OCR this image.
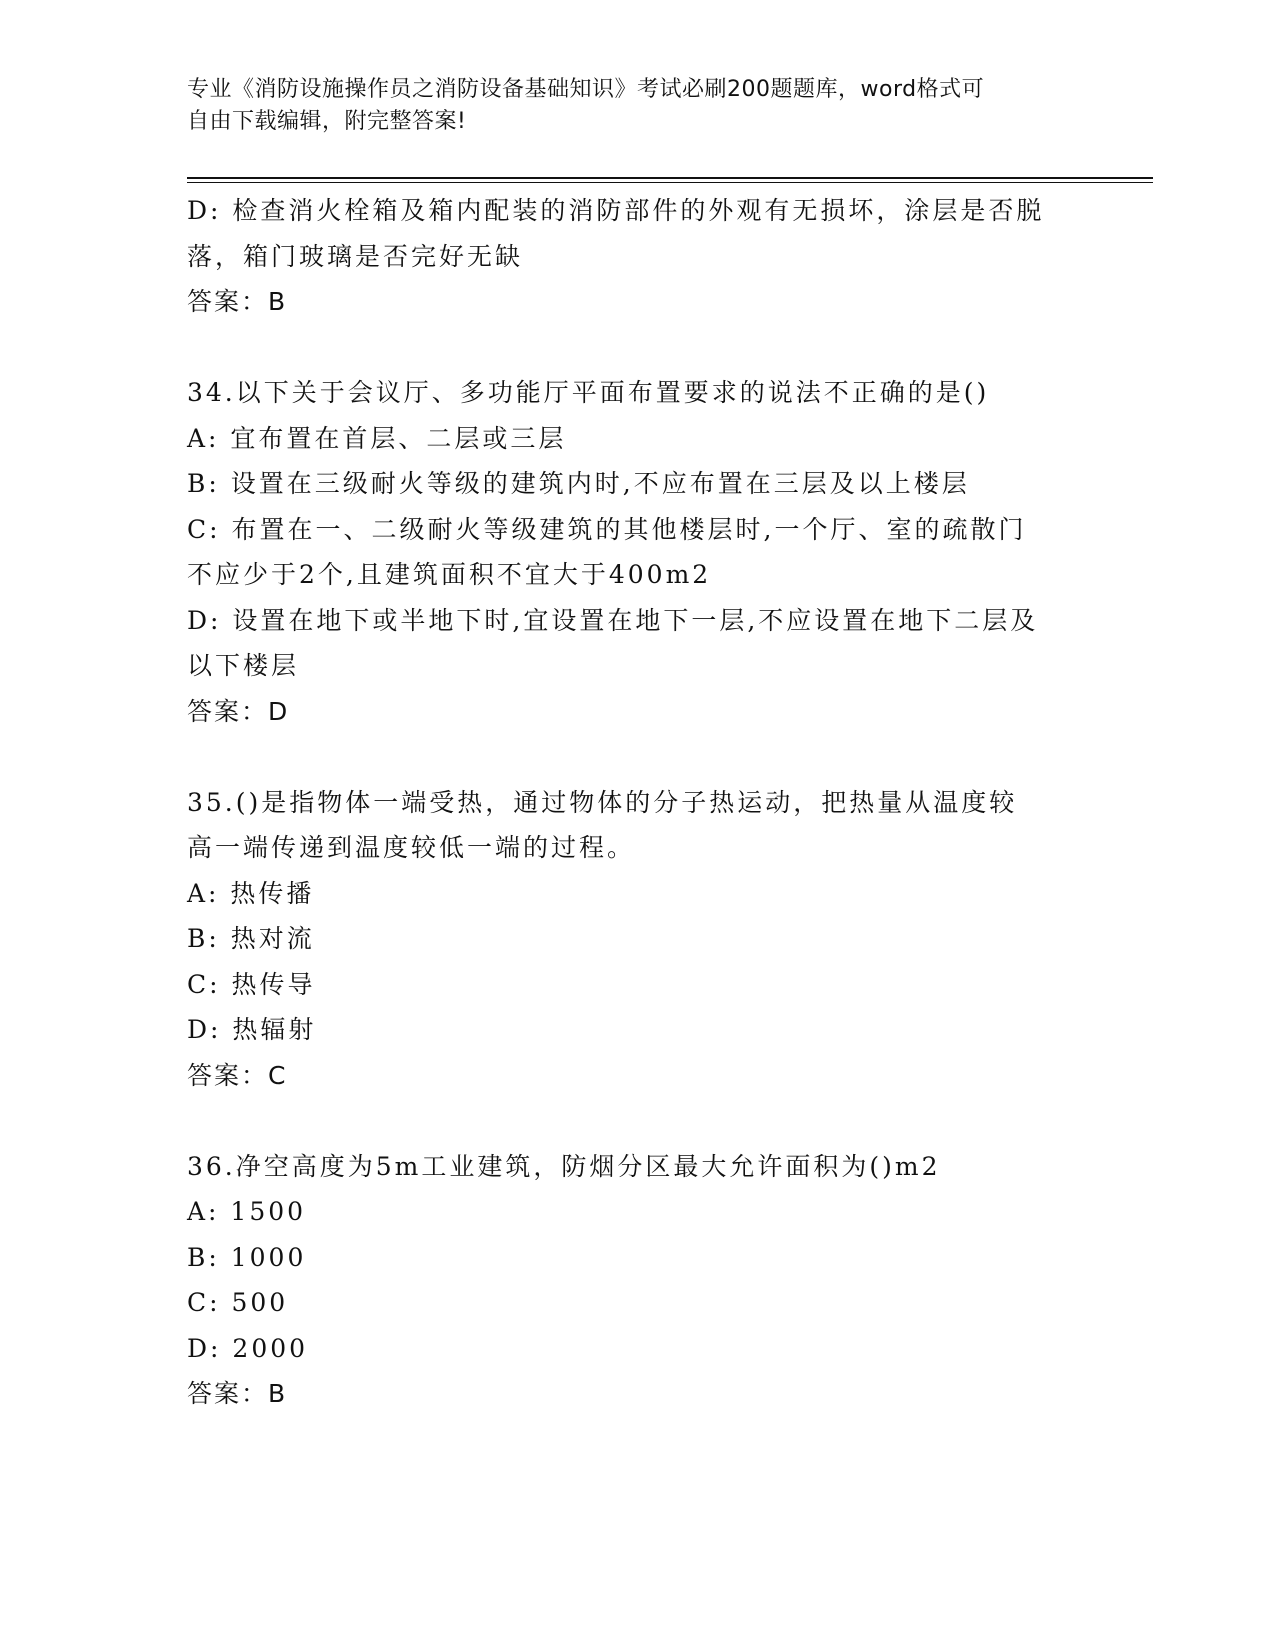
专业《消防设施操作员之消防设备基础知识》考试必刷200题题库，word格式可
自由下载编辑，附完整答案!
D: 检查消火栓箱及箱内配装的消防部件的外观有无损坏，涂层是否脱
落，箱门玻璃是否完好无缺
答案：B
34.以下关于会议厅、多功能厅平面布置要求的说法不正确的是()
A: 宜布置在首层、二层或三层
B: 设置在三级耐火等级的建筑内时,不应布置在三层及以上楼层
C: 布置在一、二级耐火等级建筑的其他楼层时,一个厅、室的疏散门
不应少于2个,且建筑面积不宜大于400m2
D: 设置在地下或半地下时,宜设置在地下一层,不应设置在地下二层及
以下楼层
答案：D
35.()是指物体一端受热，通过物体的分子热运动，把热量从温度较
高一端传递到温度较低一端的过程。
A: 热传播
B: 热对流
C: 热传导
D: 热辐射
答案：C
36.净空高度为5m工业建筑，防烟分区最大允许面积为()m2
A: 1500
B: 1000
C: 500
D: 2000
答案：B
